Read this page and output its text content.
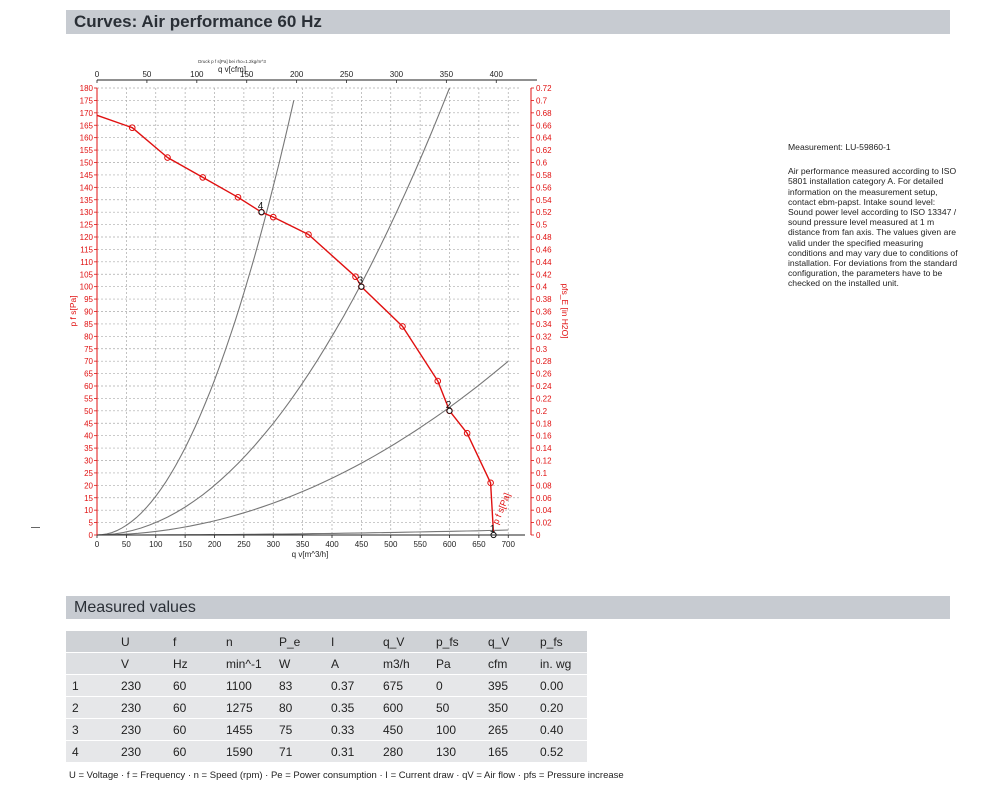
Curves: Air performance 60 Hz
1
2
3
4
0	50 100 150 200 250 300 350 400 450 500 550 600 650 700
0	50	100	150	200	250	300	350	400
0
5
10
15
20
25
30
35
40
45
50
55
60
65
70
75
80
85
90
95
100
105
110
115
120
125
130
135
140
145
150
155
160
165
170
175
180
0
0.02
0.04
0.06
0.08
0.1
0.12
0.14
0.16
0.18
0.2
0.22
0.24
0.26
0.28
0.3
0.32
0.34
0.36
0.38
0.4
0.42
0.44
0.46
0.48
0.5
0.52
0.54
0.56
0.58
0.6
0.62
0.64
0.66
0.68
0.7
0.72
Druck p f s[Pa] bei rho=1.2kg/m^3
q v[cfm]
q v[m^3/h]
p f s[Pa]	pfs_E [in H2O]
p f s[Pa]

Measurement: LU-59860-1

Air performance measured according to ISO 5801 installation category A. For detailed information on the measurement setup, contact ebm-papst. Intake sound level: Sound power level according to ISO 13347 / sound pressure level measured at 1 m distance from fan axis. The values given are valid under the specified measuring conditions and may vary due to conditions of installation. For deviations from the standard configuration, the parameters have to be checked on the installed unit.

Measured values
	U	f	n	P_e	I	q_V	p_fs	q_V	p_fs
	V	Hz	min^-1	W	A	m3/h	Pa	cfm	in. wg
1	230	60	1100	83	0.37	675	0	395	0.00
2	230	60	1275	80	0.35	600	50	350	0.20
3	230	60	1455	75	0.33	450	100	265	0.40
4	230	60	1590	71	0.31	280	130	165	0.52
U = Voltage · f = Frequency · n = Speed (rpm) · Pe = Power consumption · I = Current draw · qV = Air flow · pfs = Pressure increase
